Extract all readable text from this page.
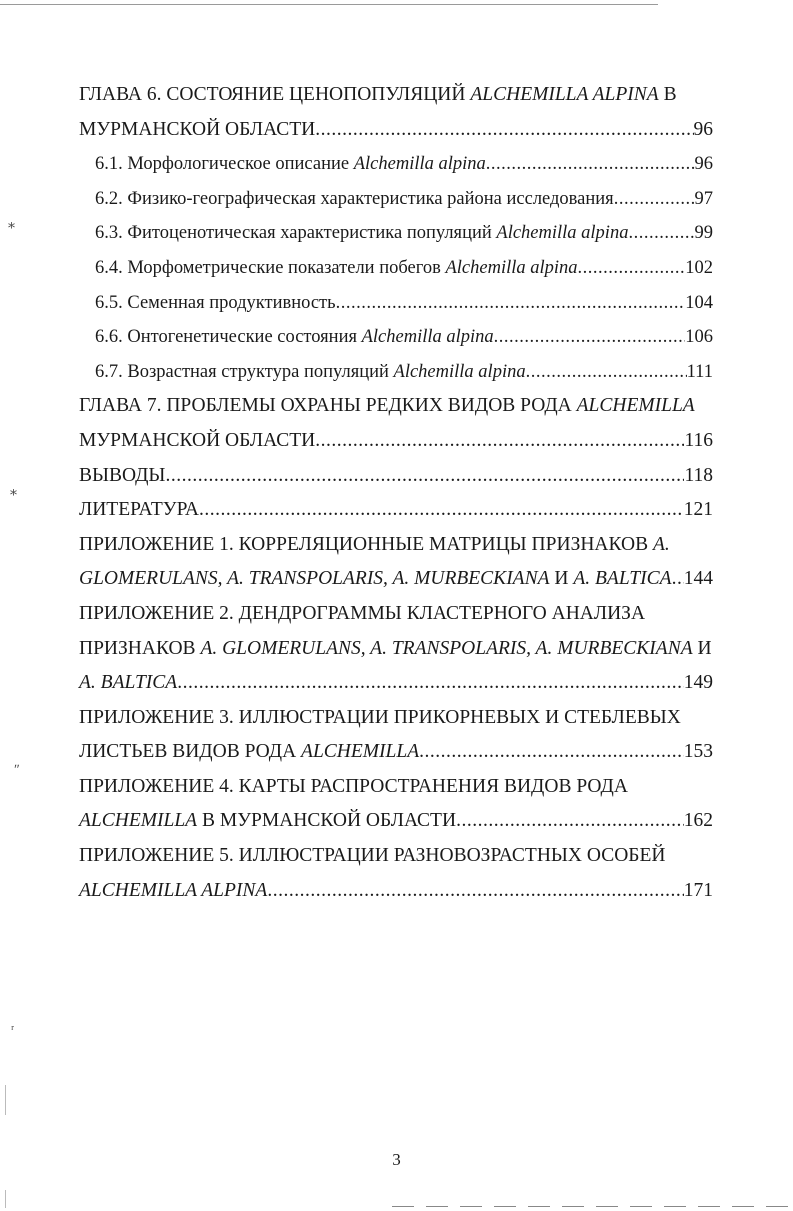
⁎
⁎
ʺ
ʳ
ГЛАВА 6. СОСТОЯНИЕ ЦЕНОПОПУЛЯЦИЙ ALCHEMILLA ALPINA В
МУРМАНСКОЙ ОБЛАСТИ .....	96
6.1. Морфологическое описание Alchemilla alpina .....	96
6.2. Физико-географическая характеристика района исследования .....	97
6.3. Фитоценотическая характеристика популяций Alchemilla alpina .....	99
6.4. Морфометрические показатели побегов Alchemilla alpina .....	102
6.5. Семенная продуктивность .....	104
6.6. Онтогенетические состояния Alchemilla alpina .....	106
6.7. Возрастная структура популяций Alchemilla alpina .....	111
ГЛАВА 7. ПРОБЛЕМЫ ОХРАНЫ РЕДКИХ ВИДОВ РОДА ALCHEMILLA
МУРМАНСКОЙ ОБЛАСТИ .....	116
ВЫВОДЫ .....	118
ЛИТЕРАТУРА .....	121
ПРИЛОЖЕНИЕ 1. КОРРЕЛЯЦИОННЫЕ МАТРИЦЫ ПРИЗНАКОВ A.
GLOMERULANS, A. TRANSPOLARIS, A. MURBECKIANA И A. BALTICA ..... 144
ПРИЛОЖЕНИЕ 2. ДЕНДРОГРАММЫ КЛАСТЕРНОГО АНАЛИЗА
ПРИЗНАКОВ A. GLOMERULANS, A. TRANSPOLARIS, A. MURBECKIANA И
A. BALTICA .....	149
ПРИЛОЖЕНИЕ 3. ИЛЛЮСТРАЦИИ ПРИКОРНЕВЫХ И СТЕБЛЕВЫХ
ЛИСТЬЕВ ВИДОВ РОДА ALCHEMILLA .....	153
ПРИЛОЖЕНИЕ 4. КАРТЫ РАСПРОСТРАНЕНИЯ ВИДОВ РОДА
ALCHEMILLA В МУРМАНСКОЙ ОБЛАСТИ .....	162
ПРИЛОЖЕНИЕ 5. ИЛЛЮСТРАЦИИ РАЗНОВОЗРАСТНЫХ ОСОБЕЙ
ALCHEMILLA ALPINA .....	171
3
